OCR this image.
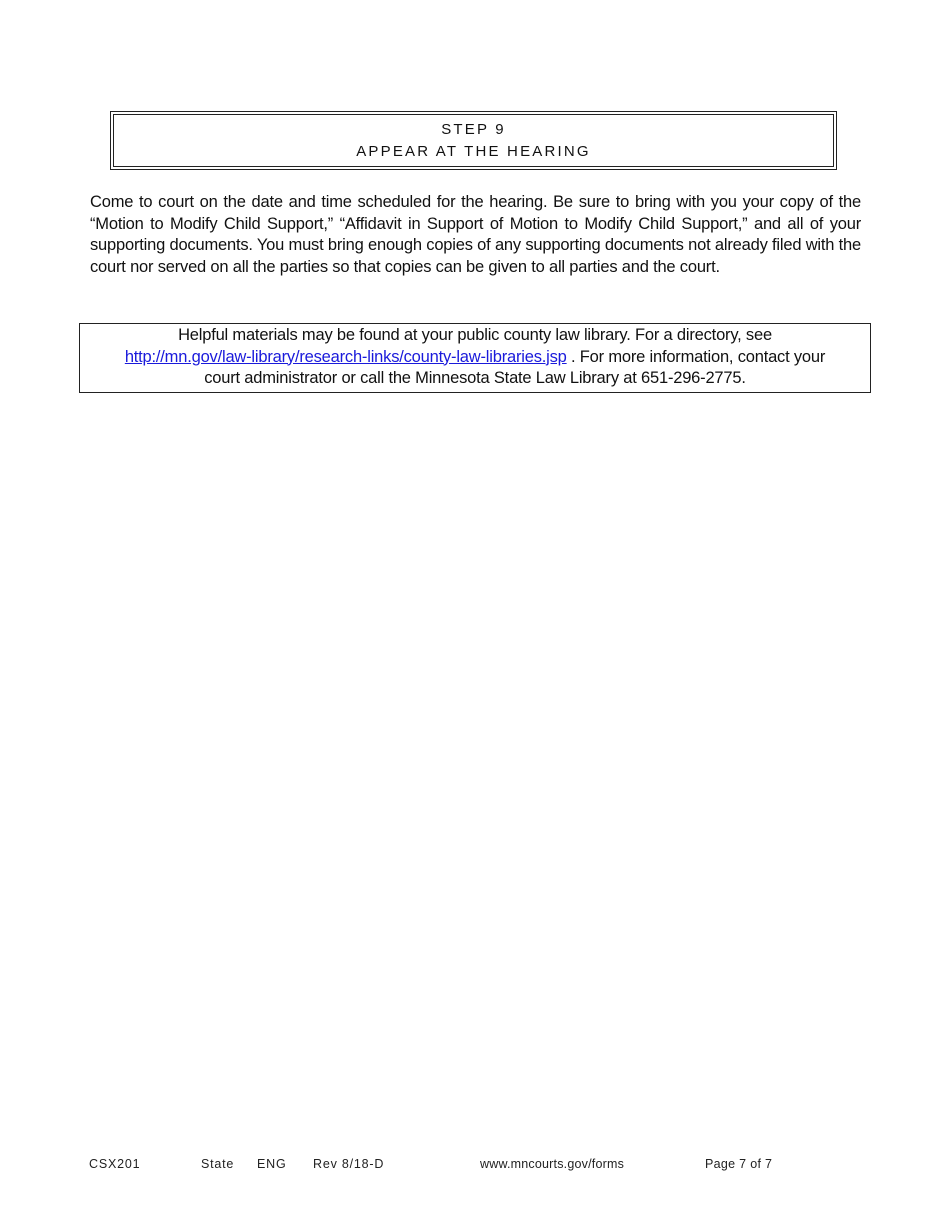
STEP 9
APPEAR AT THE HEARING

Come to court on the date and time scheduled for the hearing. Be sure to bring with you your copy of the “Motion to Modify Child Support,” “Affidavit in Support of Motion to Modify Child Support,” and all of your supporting documents. You must bring enough copies of any supporting documents not already filed with the court nor served on all the parties so that copies can be given to all parties and the court.

Helpful materials may be found at your public county law library. For a directory, see
http://mn.gov/law-library/research-links/county-law-libraries.jsp . For more information, contact your
court administrator or call the Minnesota State Law Library at 651-296-2775.
CSX201	State ENG Rev 8/18-D	www.mncourts.gov/forms	Page 7 of 7
